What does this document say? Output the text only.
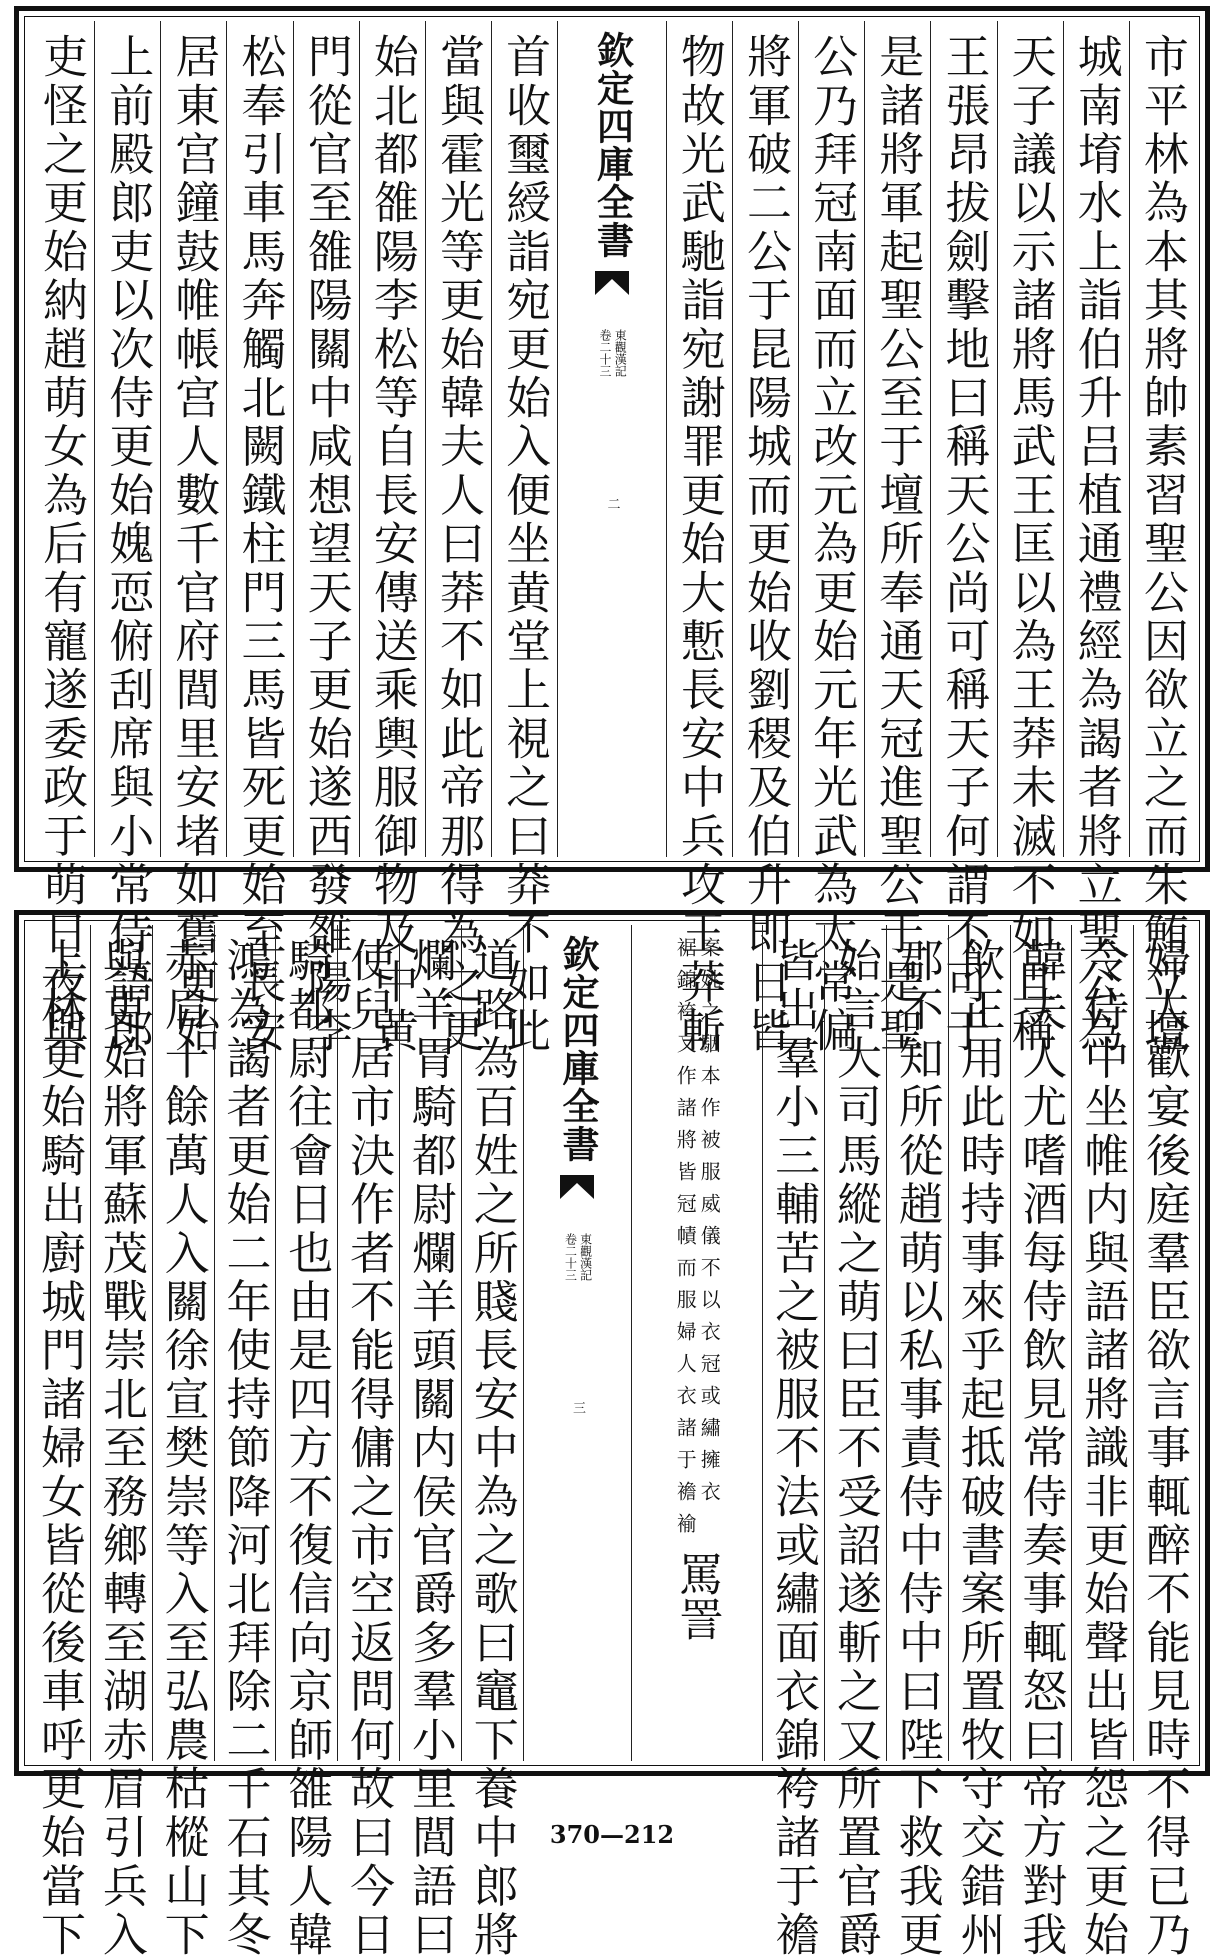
市平林為本其將帥素習聖公因欲立之而朱鮪立壇
城南堉水上詣伯升吕植通禮經為謁者將立聖公為
天子議以示諸將馬武王匡以為王莽未滅不如且稱
王張昂拔劍擊地曰稱天公尚可稱天子何謂不可于
是諸將軍起聖公至于壇所奉通天冠進聖公于是聖
公乃拜冠南面而立改元為更始元年光武為太常偏
將軍破二公于昆陽城而更始收劉稷及伯升即日皆
物故光武馳詣宛謝罪更始大慙長安中兵攻王莽斬
欽定四庫全書
東觀漢記
卷二十三
二
首收璽綬詣宛更始入便坐黄堂上視之曰莽不如此
當與霍光等更始韓夫人曰莽不如此帝那得為之更
始北都雒陽李松等自長安傳送乘輿服御物及中黄
門從官至雒陽關中咸想望天子更始遂西發雒陽李
松奉引車馬奔觸北闕鐵柱門三馬皆死更始至長安
居東宫鐘鼓帷帳宫人數千官府閭里安堵如舊更始
上前殿郎吏以次侍更始媿恧俯刮席與小常侍語郎
吏怪之更始納趙萌女為后有寵遂委政于萌日夜與
婦人歡宴後庭羣臣欲言事輒醉不能見時不得已乃
令侍中坐帷内與語諸將識非更始聲出皆怨之更始
韓夫人尤嗜酒每侍飲見常侍奏事輒怒曰帝方對我
飲正用此時持事來乎起抵破書案所置牧守交錯州
郡不知所從趙萌以私事責侍中侍中曰陛下救我更
始言大司馬縱之萌曰臣不受詔遂斬之又所置官爵
皆出羣小三輔苦之被服不法或繡面衣錦袴諸于襜
案姚之駰本作被服威儀不以衣冠或繡擁衣
裾錦袴又作諸將皆冠幘而服婦人衣諸于襜褕
罵詈
欽定四庫全書
東觀漢記
卷二十三
三
道路為百姓之所賤長安中為之歌曰竈下養中郎將
爛羊胃騎都尉爛羊頭關内侯官爵多羣小里閭語曰
使兒居市決作者不能得傭之市空返問何故曰今日
騎都尉往會日也由是四方不復信向京師雒陽人韓
鴻為謁者更始二年使持節降河北拜除二千石其冬
赤眉十餘萬人入關徐宣樊崇等入至弘農枯樅山下
與更始將軍蘇茂戰崇北至務鄉轉至湖赤眉引兵入
上林更始騎出廚城門諸婦女皆從後車呼更始當下	370—212
